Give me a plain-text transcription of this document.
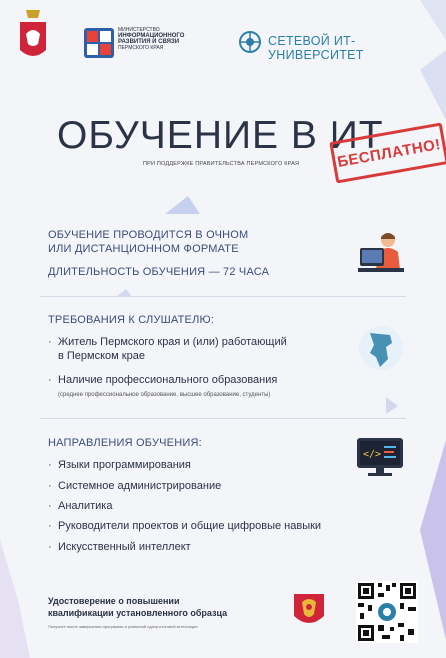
МИНИСТЕРСТВО
ИНФОРМАЦИОННОГО
РАЗВИТИЯ И СВЯЗИ
ПЕРМСКОГО КРАЯ	СЕТЕВОЙ ИТ-УНИВЕРСИТЕТ
ОБУЧЕНИЕ В ИТ
ПРИ ПОДДЕРЖКЕ ПРАВИТЕЛЬСТВА ПЕРМСКОГО КРАЯ	БЕСПЛАТНО!
ОБУЧЕНИЕ ПРОВОДИТСЯ В ОЧНОМ
ИЛИ ДИСТАНЦИОННОМ ФОРМАТЕ
ДЛИТЕЛЬНОСТЬ ОБУЧЕНИЯ — 72 ЧАСА
ТРЕБОВАНИЯ К СЛУШАТЕЛЮ:
· Житель Пермского края и (или) работающий
в Пермском крае
· Наличие профессионального образования
(среднее профессиональное образование, высшее образование, студенты)
НАПРАВЛЕНИЯ ОБУЧЕНИЯ:
· Языки программирования
· Системное администрирование
· Аналитика
· Руководители проектов и общие цифровые навыки
· Искусственный интеллект
</>
Удостоверение о повышении
квалификации установленного образца
Получите после завершения программы и успешной сдачи итоговой аттестации
